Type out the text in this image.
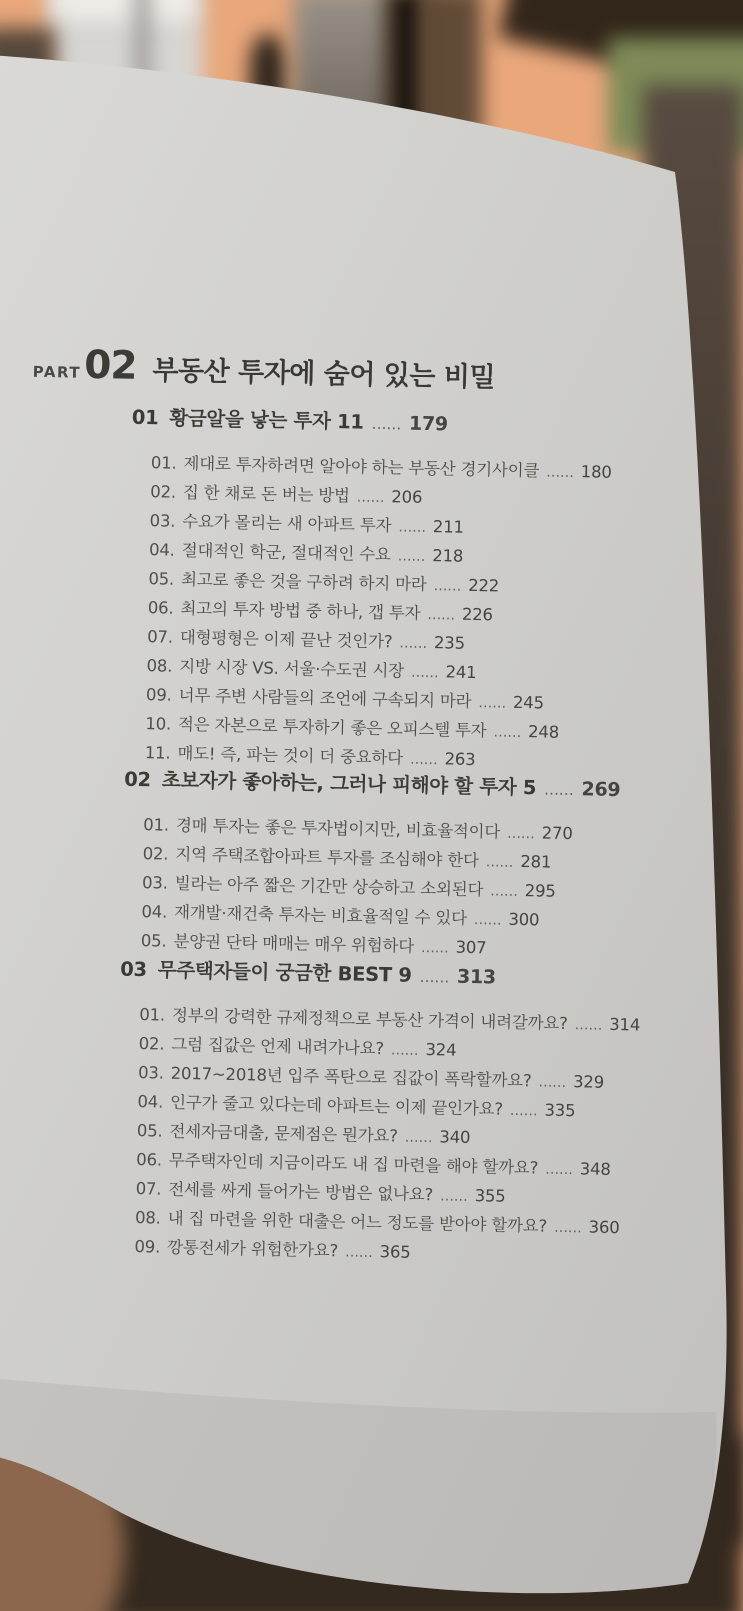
PART 02 부동산 투자에 숨어 있는 비밀
01 황금알을 낳는 투자 11 …… 179
01. 제대로 투자하려면 알아야 하는 부동산 경기사이클 …… 180
02. 집 한 채로 돈 버는 방법 …… 206
03. 수요가 몰리는 새 아파트 투자 …… 211
04. 절대적인 학군, 절대적인 수요 …… 218
05. 최고로 좋은 것을 구하려 하지 마라 …… 222
06. 최고의 투자 방법 중 하나, 갭 투자 …… 226
07. 대형평형은 이제 끝난 것인가? …… 235
08. 지방 시장 VS. 서울·수도권 시장 …… 241
09. 너무 주변 사람들의 조언에 구속되지 마라 …… 245
10. 적은 자본으로 투자하기 좋은 오피스텔 투자 …… 248
11. 매도! 즉, 파는 것이 더 중요하다 …… 263
02 초보자가 좋아하는, 그러나 피해야 할 투자 5 …… 269
01. 경매 투자는 좋은 투자법이지만, 비효율적이다 …… 270
02. 지역 주택조합아파트 투자를 조심해야 한다 …… 281
03. 빌라는 아주 짧은 기간만 상승하고 소외된다 …… 295
04. 재개발·재건축 투자는 비효율적일 수 있다 …… 300
05. 분양권 단타 매매는 매우 위험하다 …… 307
03 무주택자들이 궁금한 BEST 9 …… 313
01. 정부의 강력한 규제정책으로 부동산 가격이 내려갈까요? …… 314
02. 그럼 집값은 언제 내려가나요? …… 324
03. 2017~2018년 입주 폭탄으로 집값이 폭락할까요? …… 329
04. 인구가 줄고 있다는데 아파트는 이제 끝인가요? …… 335
05. 전세자금대출, 문제점은 뭔가요? …… 340
06. 무주택자인데 지금이라도 내 집 마련을 해야 할까요? …… 348
07. 전세를 싸게 들어가는 방법은 없나요? …… 355
08. 내 집 마련을 위한 대출은 어느 정도를 받아야 할까요? …… 360
09. 깡통전세가 위험한가요? …… 365
